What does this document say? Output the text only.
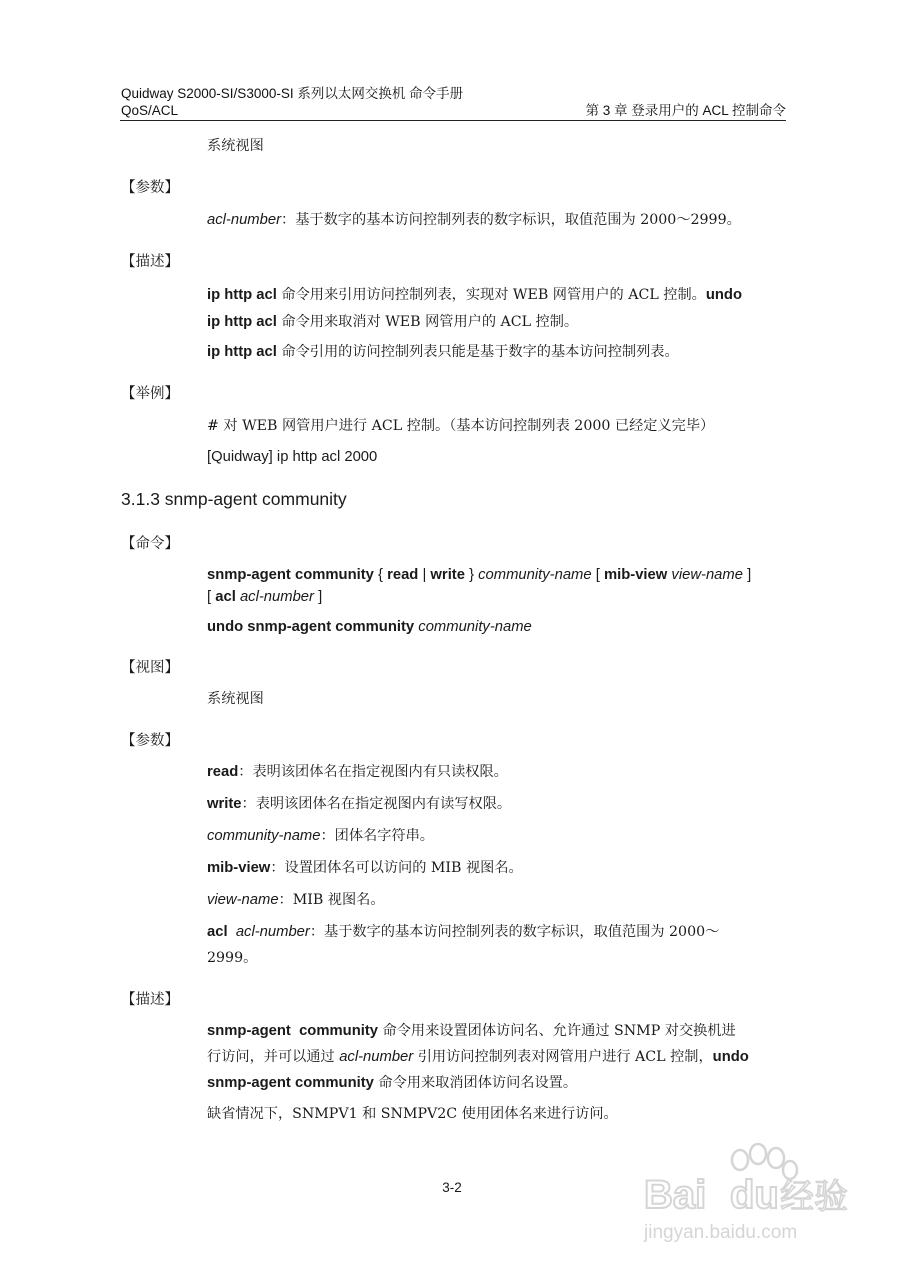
Quidway S2000-SI/S3000-SI 系列以太网交换机 命令手册
QoS/ACL	第 3 章 登录用户的 ACL 控制命令
系统视图
【参数】
acl-number：基于数字的基本访问控制列表的数字标识，取值范围为 2000～2999。
【描述】
ip http acl 命令用来引用访问控制列表，实现对 WEB 网管用户的 ACL 控制。undo
ip http acl 命令用来取消对 WEB 网管用户的 ACL 控制。
ip http acl 命令引用的访问控制列表只能是基于数字的基本访问控制列表。
【举例】
# 对 WEB 网管用户进行 ACL 控制。（基本访问控制列表 2000 已经定义完毕）
[Quidway] ip http acl 2000
3.1.3 snmp-agent community
【命令】
snmp-agent community { read | write } community-name [ mib-view view-name ]
[ acl acl-number ]
undo snmp-agent community community-name
【视图】
系统视图
【参数】
read：表明该团体名在指定视图内有只读权限。
write：表明该团体名在指定视图内有读写权限。
community-name：团体名字符串。
mib-view：设置团体名可以访问的 MIB 视图名。
view-name：MIB 视图名。
acl acl-number：基于数字的基本访问控制列表的数字标识，取值范围为 2000～
2999。
【描述】
snmp-agent  community 命令用来设置团体访问名、允许通过 SNMP 对交换机进
行访问，并可以通过 acl-number 引用访问控制列表对网管用户进行 ACL 控制，undo
snmp-agent community 命令用来取消团体访问名设置。
缺省情况下，SNMPV1 和 SNMPV2C 使用团体名来进行访问。
3-2	Bai du 经验
jingyan.baidu.com
